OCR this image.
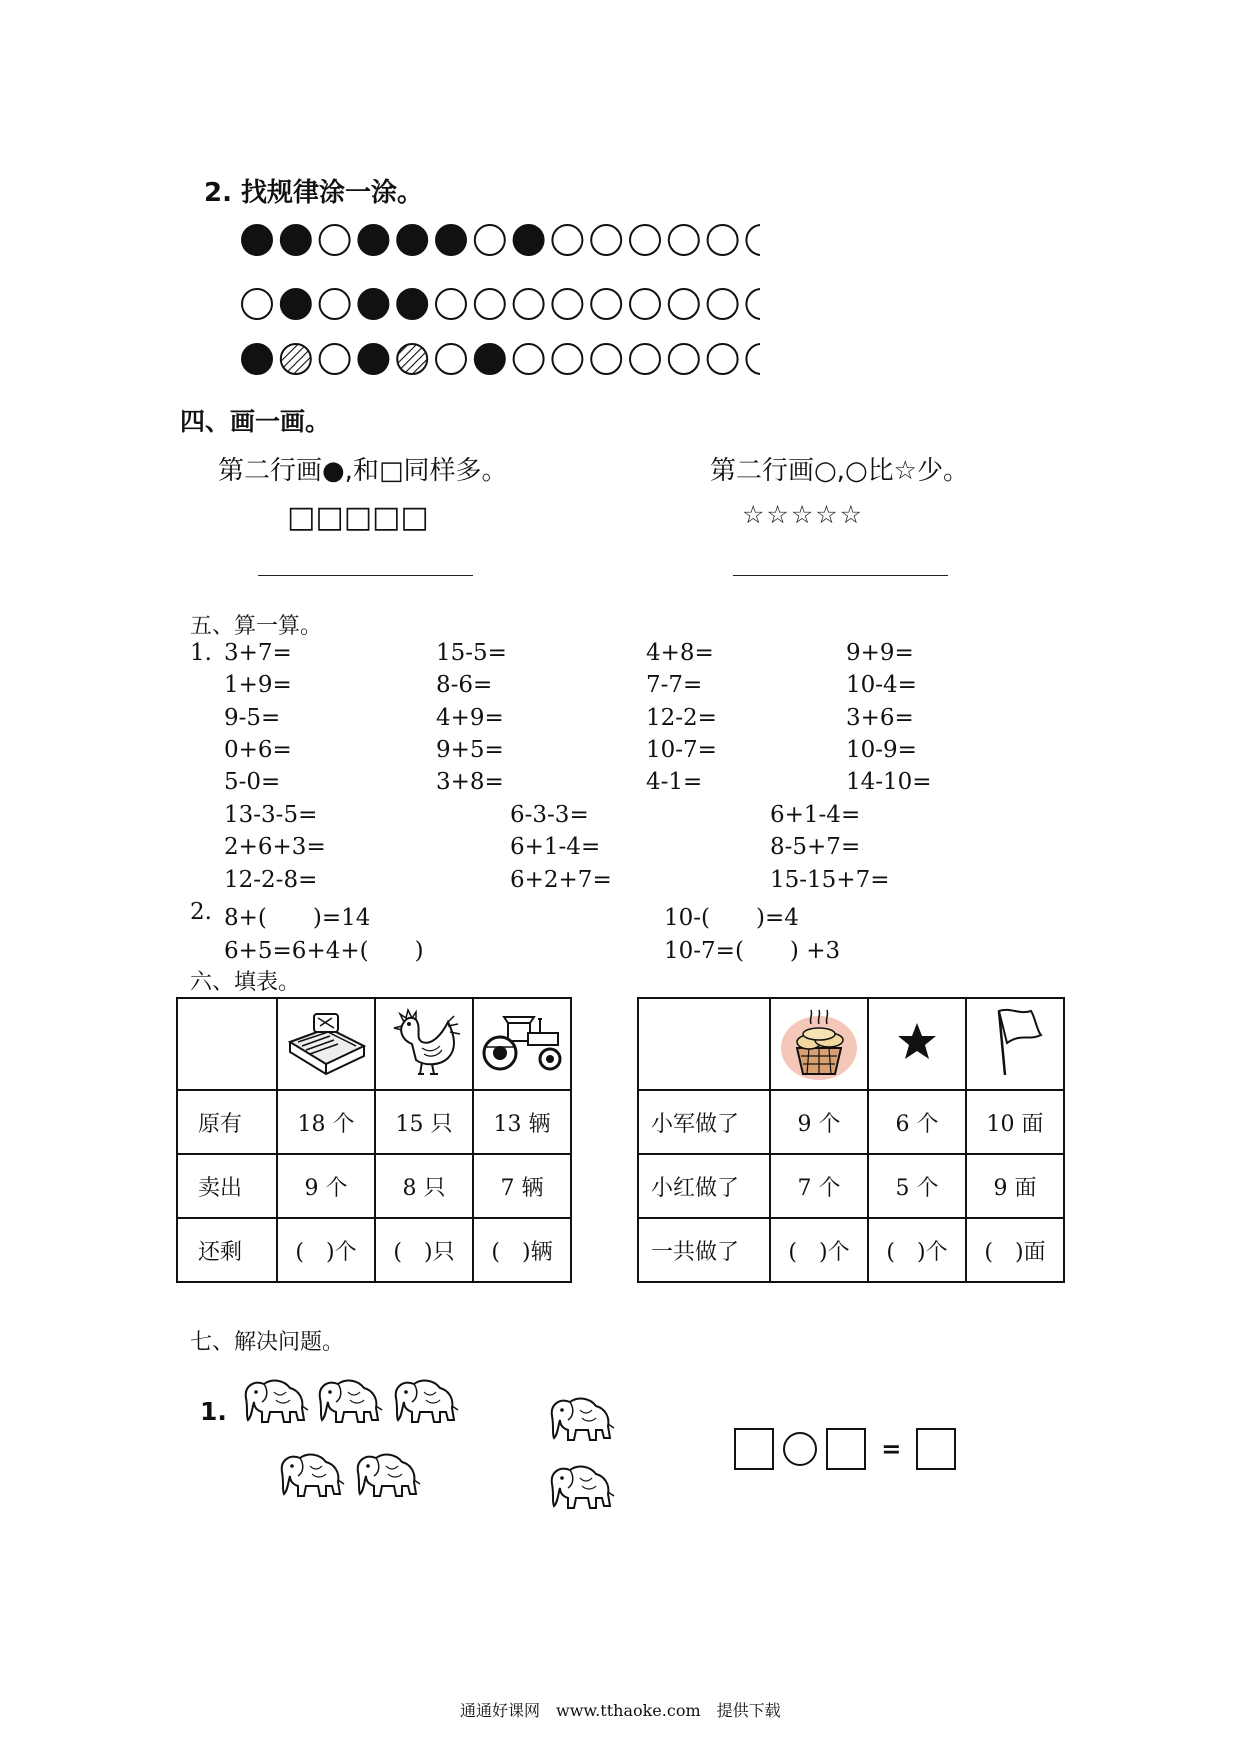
2. 找规律涂一涂。
四、画一画。
第二行画●,和□同样多。
□□□□□
第二行画○,○比☆少。
☆☆☆☆☆
五、算一算。
1. 3+7=	15-5=	4+8=	9+9=
1+9=	8-6=	7-7=	10-4=
9-5=	4+9=	12-2=	3+6=
0+6=	9+5=	10-7=	10-9=
5-0=	3+8=	4-1=	14-10=
13-3-5=	6-3-3=	6+1-4=
2+6+3=	6+1-4=	8-5+7=
12-2-8=	6+2+7=	15-15+7=
2. 8+(　　)=14
6+5=6+4+(　　)
10-(　　)=4
10-7=(　　) +3
六、填表。

原有	18 个	15 只	13 辆
卖出	9 个	8 只	7 辆
还剩	(　)个	(　)只	(　)辆

小军做了	9 个	6 个	10 面
小红做了	7 个	5 个	9 面
一共做了	(　)个	(　)个	(　)面
七、解决问题。
1.
=
通通好课网　www.tthaoke.com　提供下载
